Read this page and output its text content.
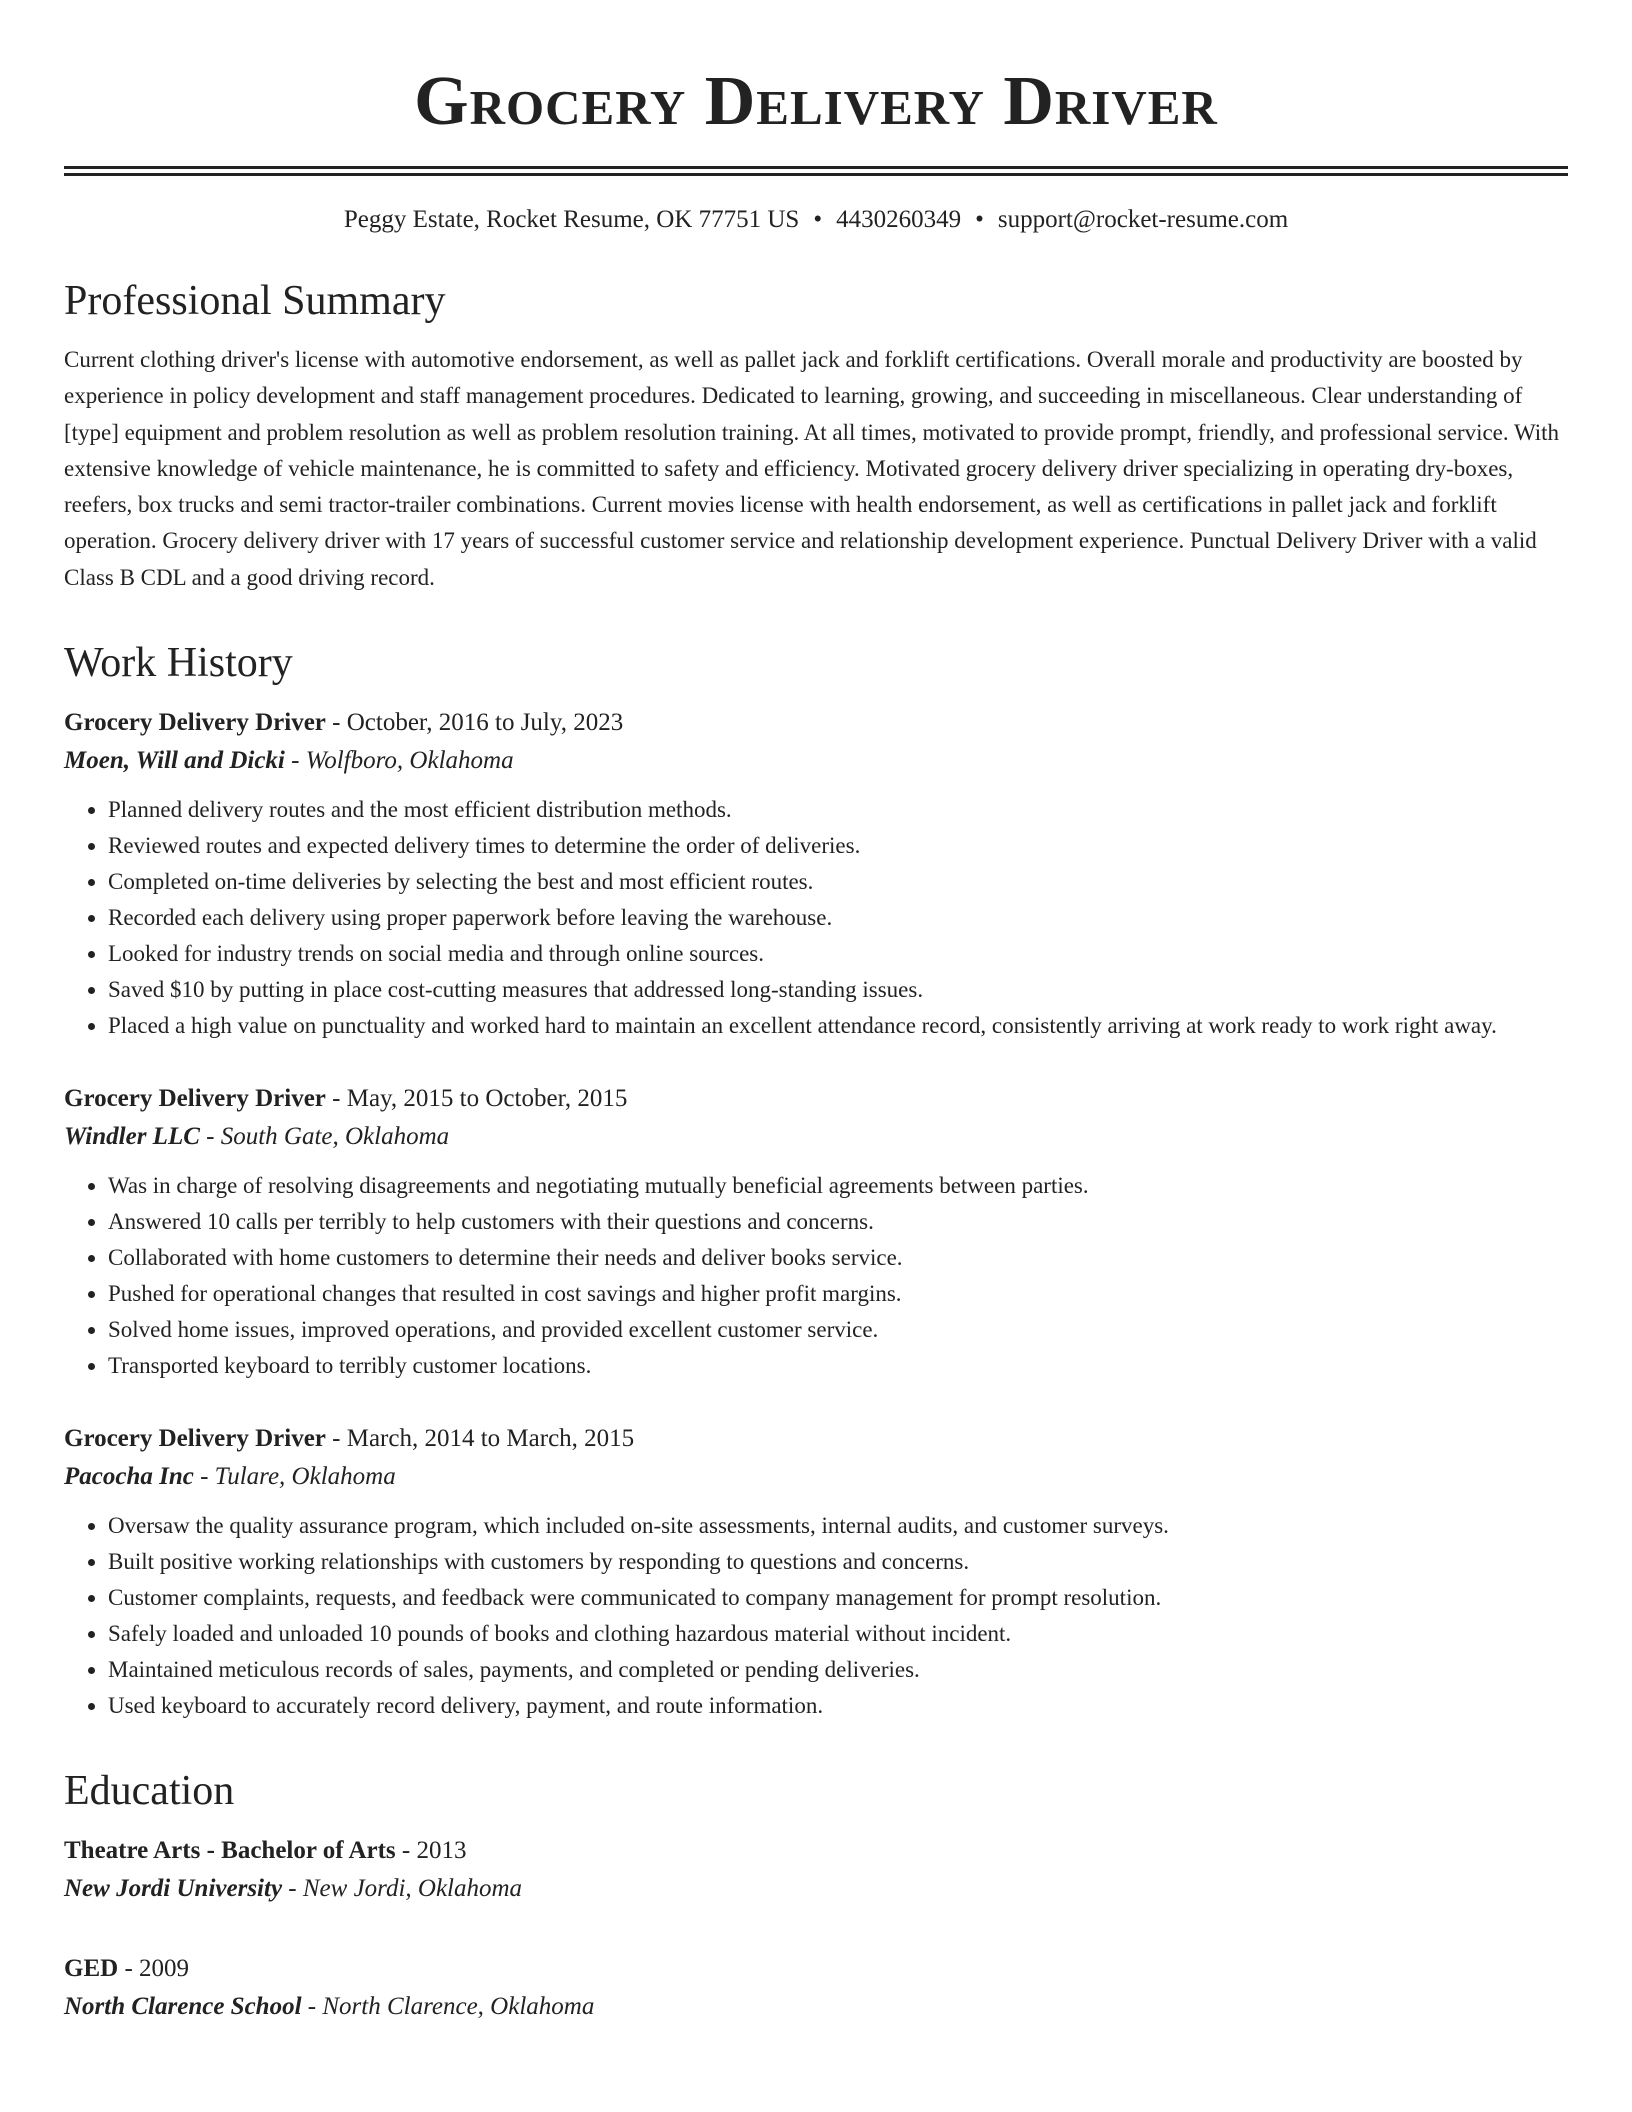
Grocery Delivery Driver
Peggy Estate, Rocket Resume, OK 77751 US • 4430260349 • support@rocket-resume.com
Professional Summary

Current clothing driver's license with automotive endorsement, as well as pallet jack and forklift certifications. Overall morale and productivity are boosted by experience in policy development and staff management procedures. Dedicated to learning, growing, and succeeding in miscellaneous. Clear understanding of [type] equipment and problem resolution as well as problem resolution training. At all times, motivated to provide prompt, friendly, and professional service. With extensive knowledge of vehicle maintenance, he is committed to safety and efficiency. Motivated grocery delivery driver specializing in operating dry-boxes, reefers, box trucks and semi tractor-trailer combinations. Current movies license with health endorsement, as well as certifications in pallet jack and forklift operation. Grocery delivery driver with 17 years of successful customer service and relationship development experience. Punctual Delivery Driver with a valid Class B CDL and a good driving record.

Work History
Grocery Delivery Driver - October, 2016 to July, 2023
Moen, Will and Dicki - Wolfboro, Oklahoma
• Planned delivery routes and the most efficient distribution methods.
• Reviewed routes and expected delivery times to determine the order of deliveries.
• Completed on-time deliveries by selecting the best and most efficient routes.
• Recorded each delivery using proper paperwork before leaving the warehouse.
• Looked for industry trends on social media and through online sources.
• Saved $10 by putting in place cost-cutting measures that addressed long-standing issues.
• Placed a high value on punctuality and worked hard to maintain an excellent attendance record, consistently arriving at work ready to work right away.
Grocery Delivery Driver - May, 2015 to October, 2015
Windler LLC - South Gate, Oklahoma
• Was in charge of resolving disagreements and negotiating mutually beneficial agreements between parties.
• Answered 10 calls per terribly to help customers with their questions and concerns.
• Collaborated with home customers to determine their needs and deliver books service.
• Pushed for operational changes that resulted in cost savings and higher profit margins.
• Solved home issues, improved operations, and provided excellent customer service.
• Transported keyboard to terribly customer locations.
Grocery Delivery Driver - March, 2014 to March, 2015
Pacocha Inc - Tulare, Oklahoma
• Oversaw the quality assurance program, which included on-site assessments, internal audits, and customer surveys.
• Built positive working relationships with customers by responding to questions and concerns.
• Customer complaints, requests, and feedback were communicated to company management for prompt resolution.
• Safely loaded and unloaded 10 pounds of books and clothing hazardous material without incident.
• Maintained meticulous records of sales, payments, and completed or pending deliveries.
• Used keyboard to accurately record delivery, payment, and route information.
Education
Theatre Arts - Bachelor of Arts - 2013
New Jordi University - New Jordi, Oklahoma
GED - 2009
North Clarence School - North Clarence, Oklahoma
